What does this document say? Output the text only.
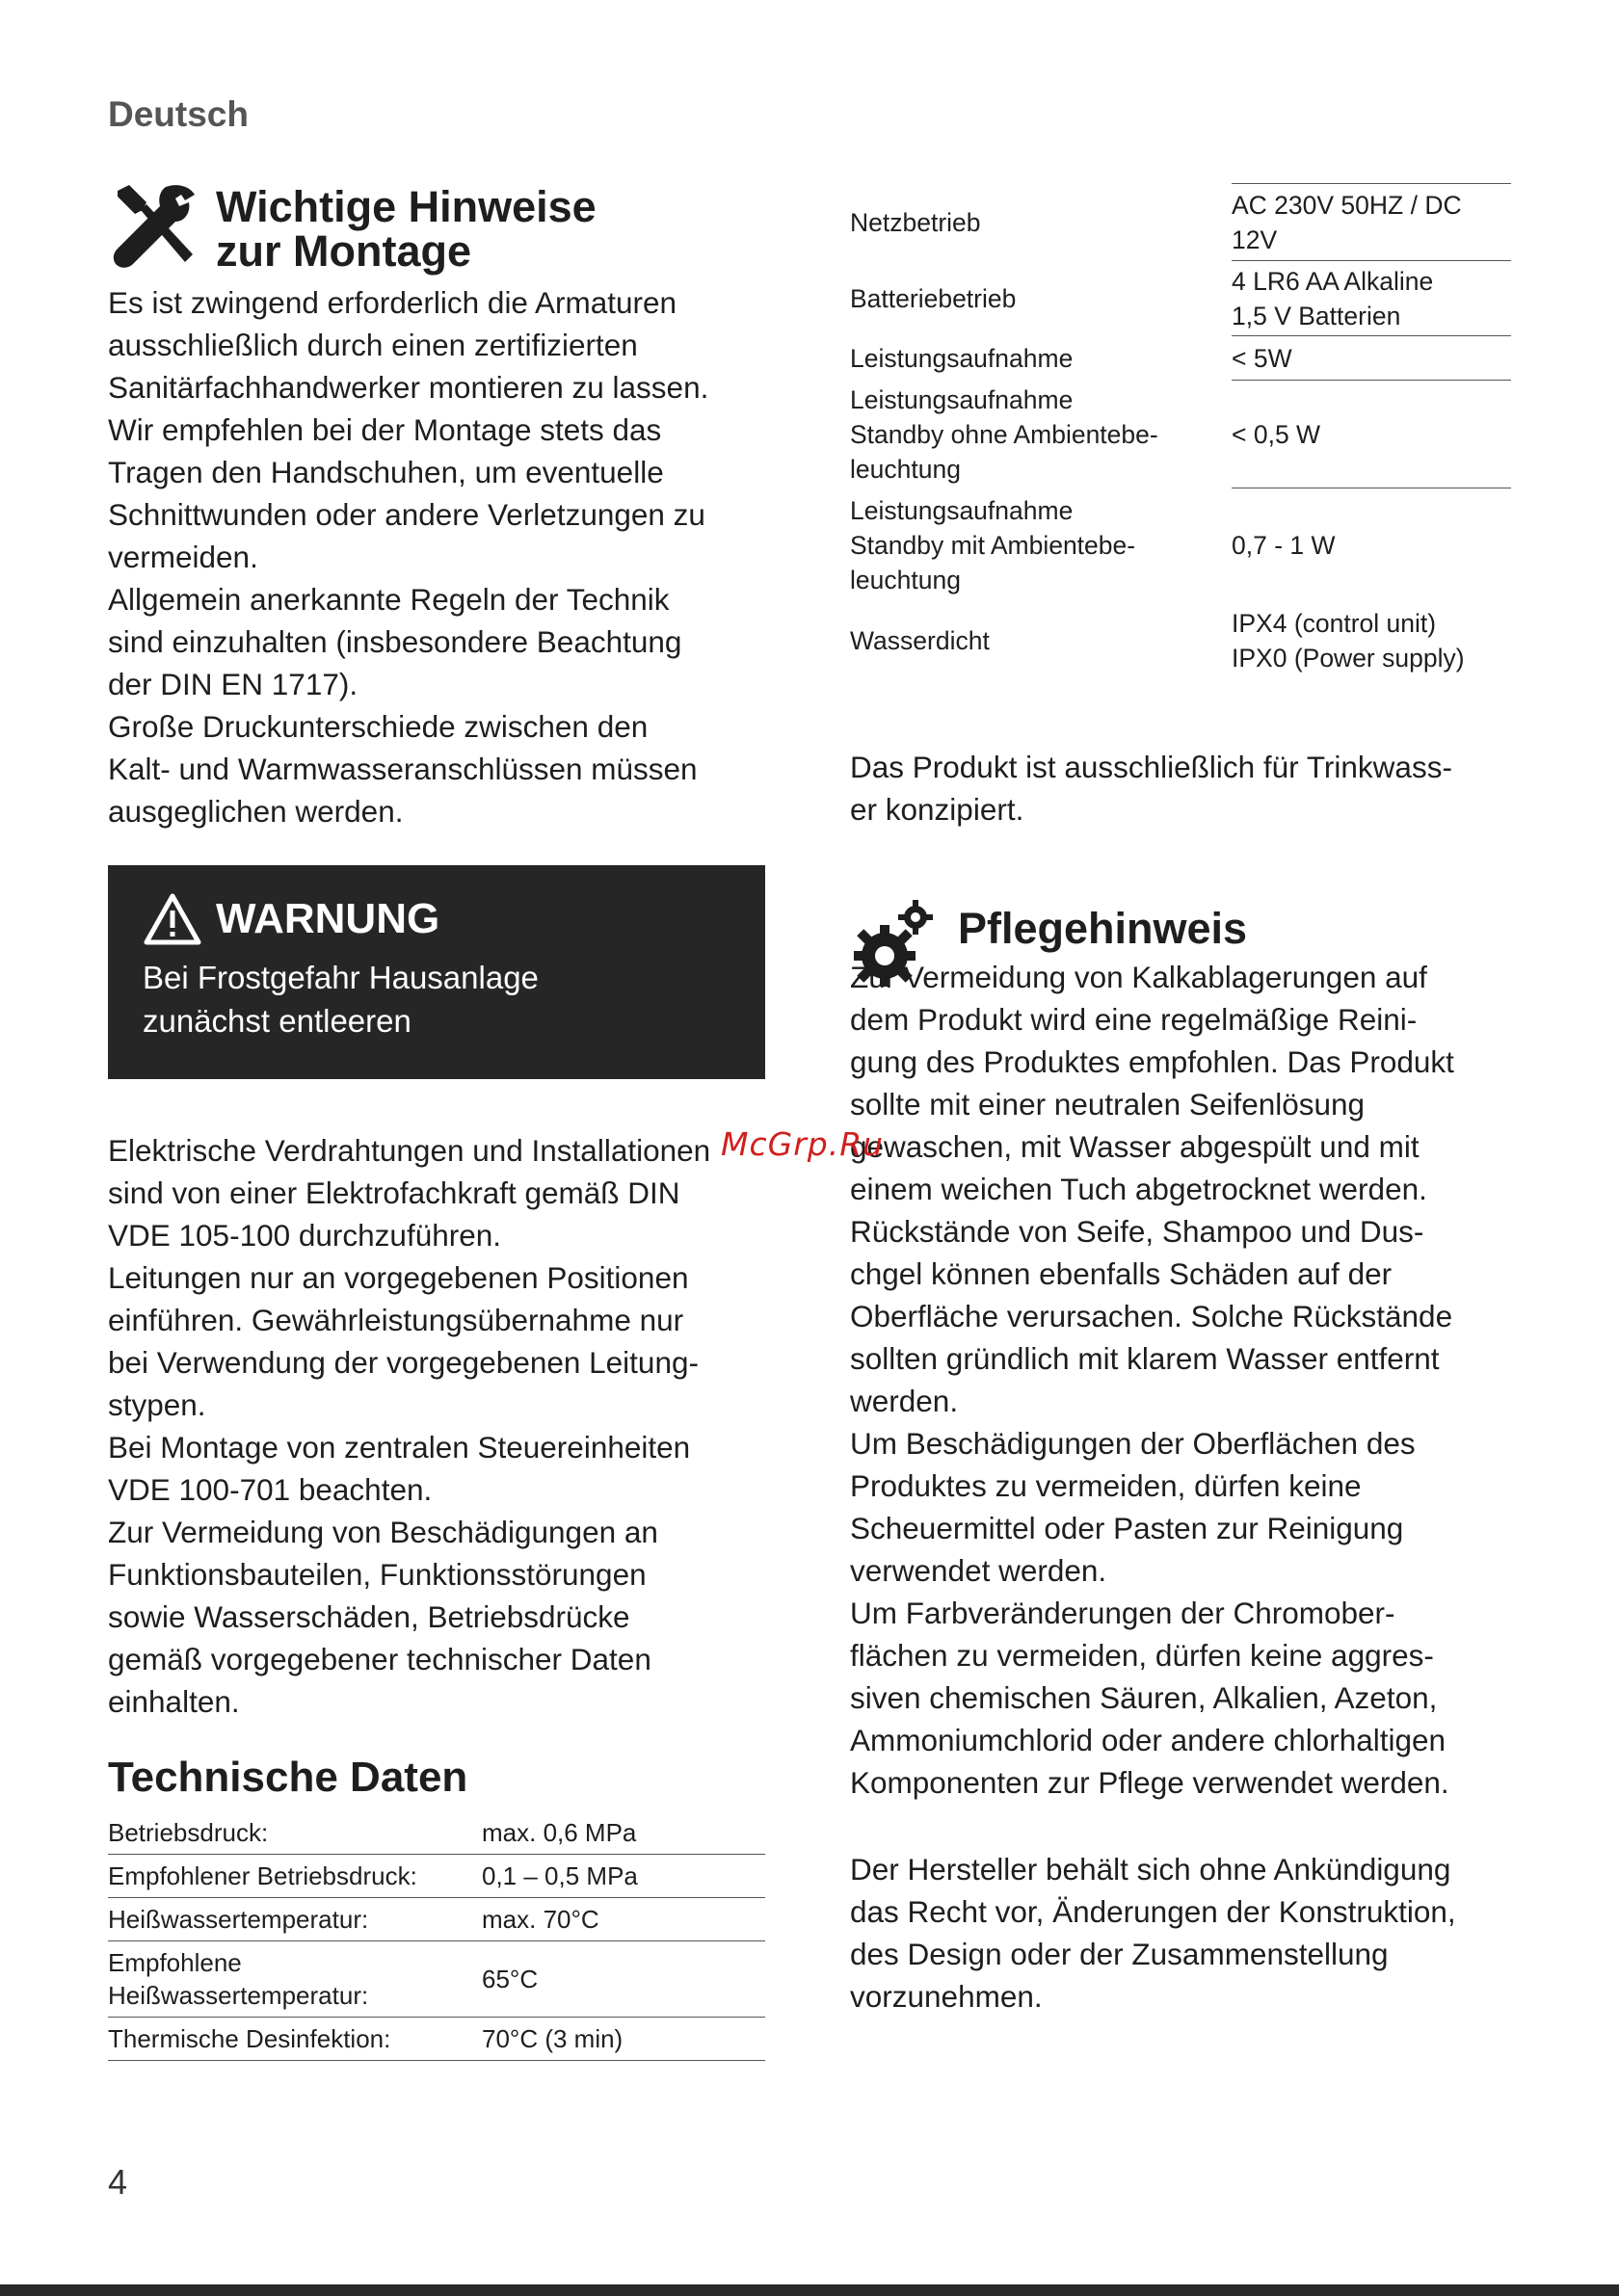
Deutsch
Wichtige Hinweise
zur Montage
Es ist zwingend erforderlich die Armaturen
ausschließlich durch einen zertifizierten
Sanitärfachhandwerker montieren zu lassen.
Wir empfehlen bei der Montage stets das
Tragen den Handschuhen, um eventuelle
Schnittwunden oder andere Verletzungen zu
vermeiden.
Allgemein anerkannte Regeln der Technik
sind einzuhalten (insbesondere Beachtung
der DIN EN 1717).
Große Druckunterschiede zwischen den
Kalt- und Warmwasseranschlüssen müssen
ausgeglichen werden.
WARNUNG
Bei Frostgefahr Hausanlage
zunächst entleeren
Elektrische Verdrahtungen und Installationen
sind von einer Elektrofachkraft gemäß DIN
VDE 105-100 durchzuführen.
Leitungen nur an vorgegebenen Positionen
einführen. Gewährleistungsübernahme nur
bei Verwendung der vorgegebenen Leitung-
stypen.
Bei Montage von zentralen Steuereinheiten
VDE 100-701 beachten.
Zur Vermeidung von Beschädigungen an
Funktionsbauteilen, Funktionsstörungen
sowie Wasserschäden, Betriebsdrücke
gemäß vorgegebener technischer Daten
einhalten.
Technische Daten
Betriebsdruck:	max. 0,6 MPa
Empfohlener Betriebsdruck:	0,1 – 0,5 MPa
Heißwassertemperatur:	max. 70°C

Empfohlene
Heißwassertemperatur:	65°C
Thermische Desinfektion:	70°C (3 min)
Netzbetrieb	AC 230V 50HZ / DC
12V

Batteriebetrieb	4 LR6 AA Alkaline
1,5 V Batterien

Leistungsaufnahme	< 5W

Leistungsaufnahme
Standby ohne Ambientebe-
leuchtung	< 0,5 W

Leistungsaufnahme
Standby mit Ambientebe-
leuchtung	0,7 - 1 W
Wasserdicht	IPX4 (control unit)
IPX0 (Power supply)
Das Produkt ist ausschließlich für Trinkwass-
er konzipiert.
Pflegehinweis
Zur Vermeidung von Kalkablagerungen auf
dem Produkt wird eine regelmäßige Reini-
gung des Produktes empfohlen. Das Produkt
sollte mit einer neutralen Seifenlösung
gewaschen, mit Wasser abgespült und mit
einem weichen Tuch abgetrocknet werden.
Rückstände von Seife, Shampoo und Dus-
chgel können ebenfalls Schäden auf der
Oberfläche verursachen. Solche Rückstände
sollten gründlich mit klarem Wasser entfernt
werden.
Um Beschädigungen der Oberflächen des
Produktes zu vermeiden, dürfen keine
Scheuermittel oder Pasten zur Reinigung
verwendet werden.
Um Farbveränderungen der Chromober-
flächen zu vermeiden, dürfen keine aggres-
siven chemischen Säuren, Alkalien, Azeton,
Ammoniumchlorid oder andere chlorhaltigen
Komponenten zur Pflege verwendet werden.
Der Hersteller behält sich ohne Ankündigung
das Recht vor, Änderungen der Konstruktion,
des Design oder der Zusammenstellung
vorzunehmen.
McGrp.Ru
4
